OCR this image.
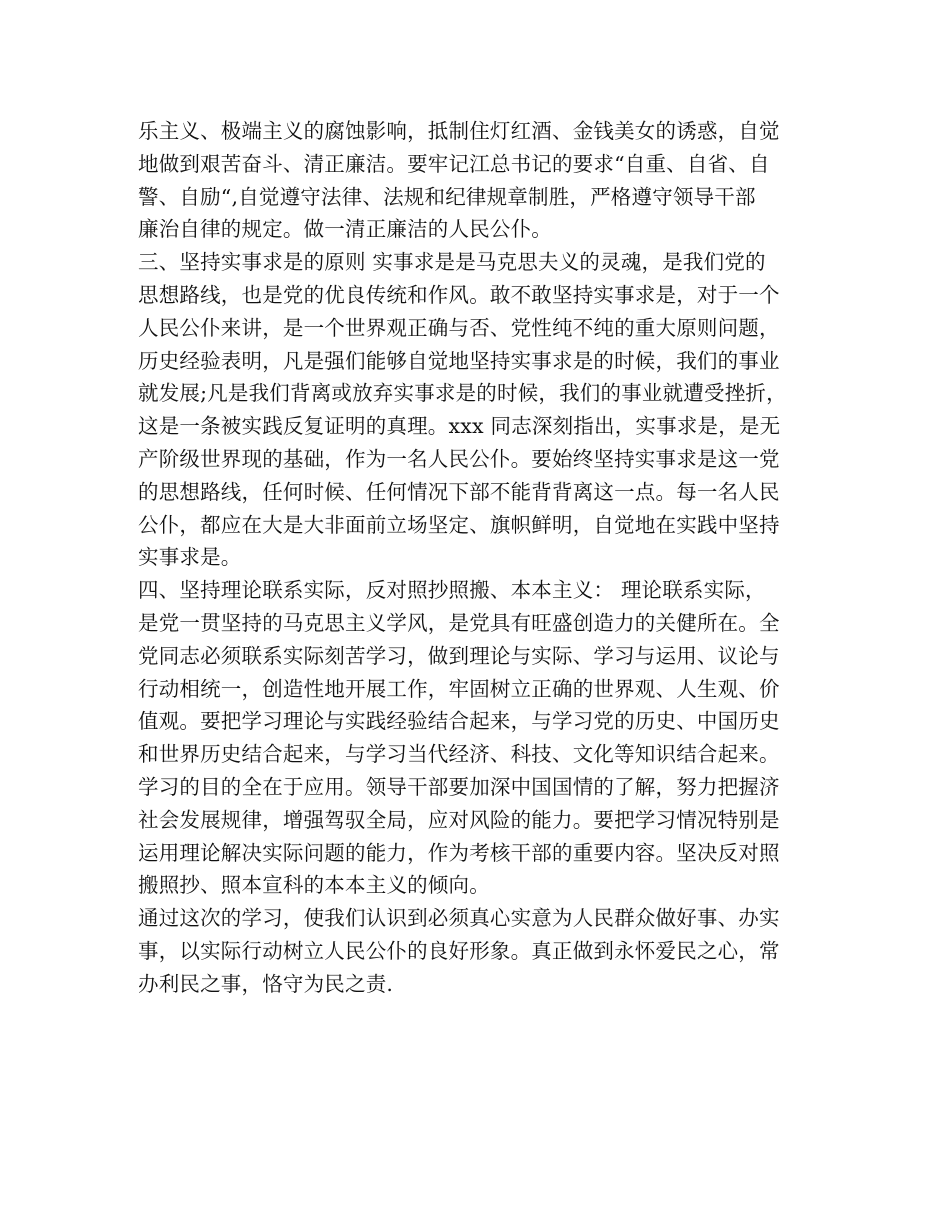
乐主义、极端主义的腐蚀影响，抵制住灯红酒、金钱美女的诱惑，自觉
地做到艰苦奋斗、清正廉洁。要牢记江总书记的要求“自重、自省、自
警、自励“,自觉遵守法律、法规和纪律规章制胜，严格遵守领导干部
廉治自律的规定。做一清正廉洁的人民公仆。

三、坚持实事求是的原则 实事求是是马克思夫义的灵魂，是我们党的
思想路线，也是党的优良传统和作风。敢不敢坚持实事求是，对于一个
人民公仆来讲，是一个世界观正确与否、党性纯不纯的重大原则问题，
历史经验表明，凡是强们能够自觉地坚持实事求是的时候，我们的事业
就发展;凡是我们背离或放弃实事求是的时候，我们的事业就遭受挫折，
这是一条被实践反复证明的真理。xxx 同志深刻指出，实事求是，是无
产阶级世界现的基础，作为一名人民公仆。要始终坚持实事求是这一党
的思想路线，任何时候、任何情况下部不能背背离这一点。每一名人民
公仆，都应在大是大非面前立场坚定、旗帜鲜明，自觉地在实践中坚持
实事求是。

四、坚持理论联系实际，反对照抄照搬、本本主义： 理论联系实际，
是党一贯坚持的马克思主义学风，是党具有旺盛创造力的关健所在。全
党同志必须联系实际刻苦学习，做到理论与实际、学习与运用、议论与
行动相统一，创造性地开展工作，牢固树立正确的世界观、人生观、价
值观。要把学习理论与实践经验结合起来，与学习党的历史、中国历史
和世界历史结合起来，与学习当代经济、科技、文化等知识结合起来。
学习的目的全在于应用。领导干部要加深中国国情的了解，努力把握济
社会发展规律，增强驾驭全局，应对风险的能力。要把学习情况特别是
运用理论解决实际问题的能力，作为考核干部的重要内容。坚决反对照
搬照抄、照本宣科的本本主义的倾向。

通过这次的学习，使我们认识到必须真心实意为人民群众做好事、办实
事，以实际行动树立人民公仆的良好形象。真正做到永怀爱民之心，常
办利民之事，恪守为民之责.
